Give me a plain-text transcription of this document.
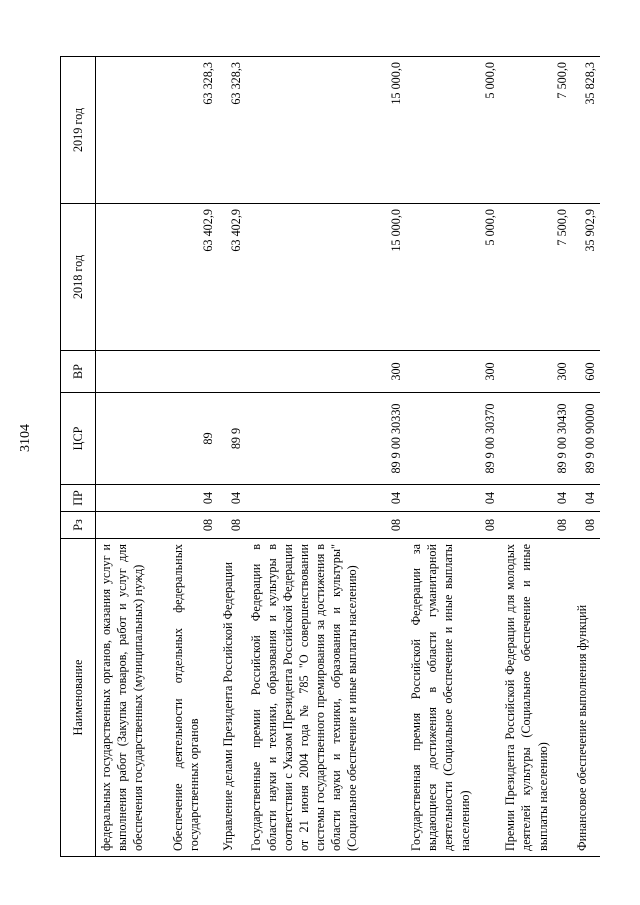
3104
Наименование	Рз	ПР	ЦСР	ВР	2018 год	2019 год
федеральных государственных органов, оказания услуг и выполнения работ (Закупка товаров, работ и услуг для обеспечения государственных (муниципальных) нужд)						
Обеспечение деятельности отдельных федеральных государственных органов	08	04	89		63 402,9	63 328,3
Управление делами Президента Российской Федерации	08	04	89 9		63 402,9	63 328,3
Государственные премии Российской Федерации в области науки и техники, образования и культуры в соответствии с Указом Президента Российской Федерации от 21 июня 2004 года № 785 "О совершенствовании системы государственного премирования за достижения в области науки и техники, образования и культуры" (Социальное обеспечение и иные выплаты населению)	08	04	89 9 00 30330	300	15 000,0	15 000,0
Государственная премия Российской Федерации за выдающиеся достижения в области гуманитарной деятельности (Социальное обеспечение и иные выплаты населению)	08	04	89 9 00 30370	300	5 000,0	5 000,0
Премии Президента Российской Федерации для молодых деятелей культуры (Социальное обеспечение и иные выплаты населению)	08	04	89 9 00 30430	300	7 500,0	7 500,0
Финансовое обеспечение выполнения функций	08	04	89 9 00 90000	600	35 902,9	35 828,3
